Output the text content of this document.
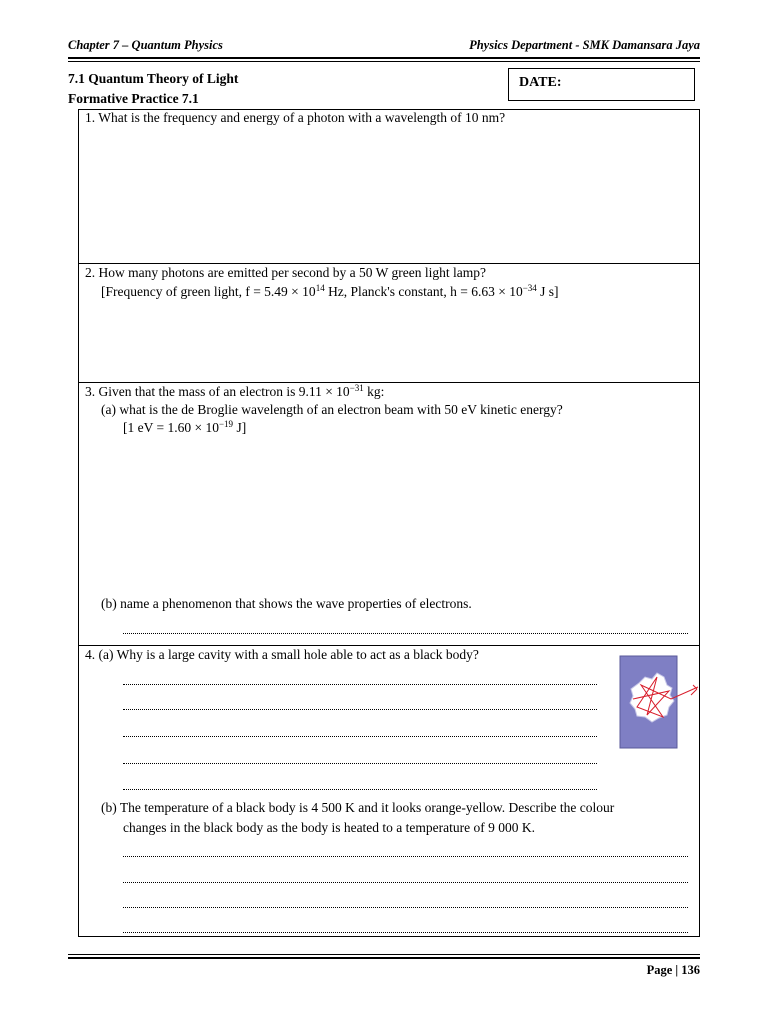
Chapter 7 – Quantum Physics	Physics Department - SMK Damansara Jaya
7.1 Quantum Theory of Light
Formative Practice 7.1
DATE:
1. What is the frequency and energy of a photon with a wavelength of 10 nm?
2. How many photons are emitted per second by a 50 W green light lamp?
[Frequency of green light, $f = 5.49 \times 10^{14}$ Hz, Planck's constant, $h = 6.63 \times 10^{-34}$ J s]
3. Given that the mass of an electron is $9.11 \times 10^{-31}$ kg:
(a) what is the de Broglie wavelength of an electron beam with 50 eV kinetic energy?
[1 eV = $1.60 \times 10^{-19}$ J]
(b) name a phenomenon that shows the wave properties of electrons.
4. (a) Why is a large cavity with a small hole able to act as a black body?
(b) The temperature of a black body is 4 500 K and it looks orange-yellow. Describe the colour
changes in the black body as the body is heated to a temperature of 9 000 K.
Page | 136
